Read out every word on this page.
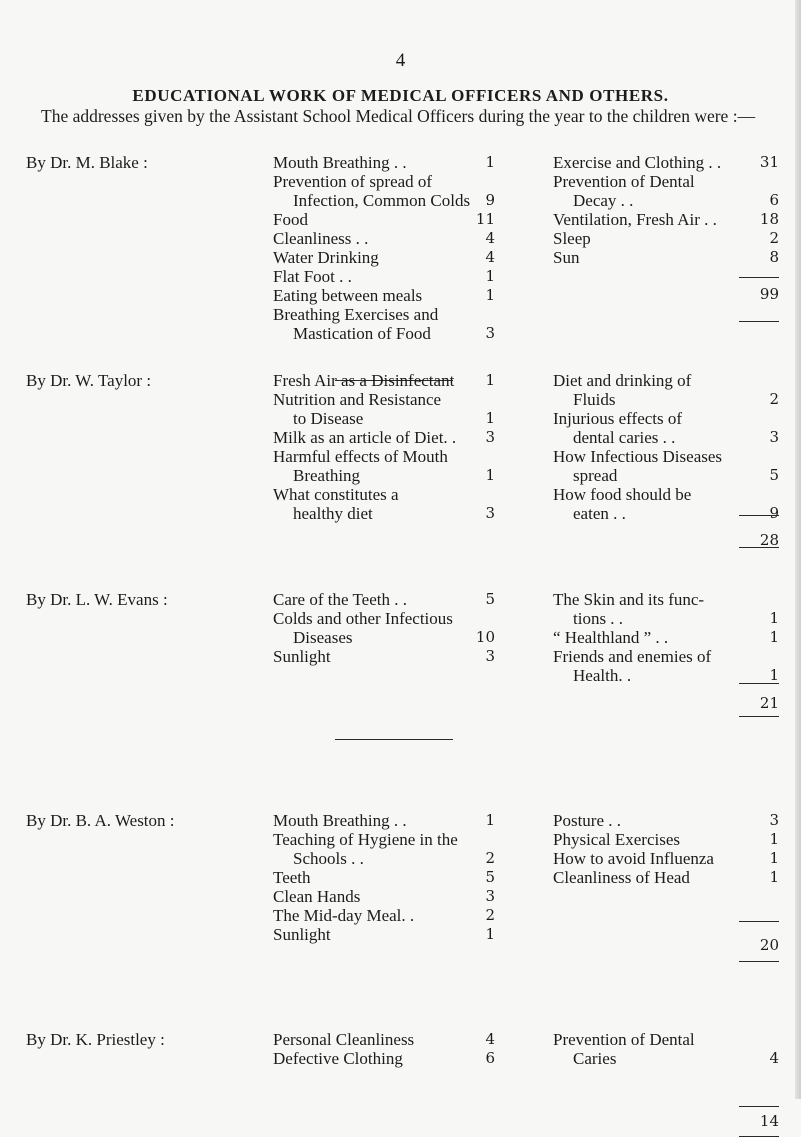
4
EDUCATIONAL WORK OF MEDICAL OFFICERS AND OTHERS.
The addresses given by the Assistant School Medical Officers during the year to the children were :—
By Dr. M. Blake :	Mouth Breathing . .	1
Prevention of spread of
Infection, Common Colds	9
Food	11
Cleanliness . .	4
Water Drinking	4
Flat Foot . .	1
Eating between meals	1
Breathing Exercises and
Mastication of Food	3
Exercise and Clothing . .	31
Prevention of Dental
Decay . .	6
Ventilation, Fresh Air . .	18
Sleep	2
Sun	8
99
By Dr. W. Taylor :	Fresh Air as a Disinfectant	1
Nutrition and Resistance
to Disease	1
Milk as an article of Diet. .	3
Harmful effects of Mouth
Breathing	1
What constitutes a
healthy diet	3
Diet and drinking of
Fluids	2
Injurious effects of
dental caries . .	3
How Infectious Diseases
spread	5
How food should be
eaten . .	9
28
By Dr. L. W. Evans :	Care of the Teeth . .	5
Colds and other Infectious
Diseases	10
Sunlight	3
The Skin and its func-
tions . .	1
“ Healthland ” . .	1
Friends and enemies of
Health. .	1
21
By Dr. B. A. Weston :	Mouth Breathing . .	1
Teaching of Hygiene in the
Schools . .	2
Teeth	5
Clean Hands	3
The Mid-day Meal. .	2
Sunlight	1
Posture . .	3
Physical Exercises	1
How to avoid Influenza	1
Cleanliness of Head	1
20
By Dr. K. Priestley :	Personal Cleanliness	4
Defective Clothing	6
Prevention of Dental
Caries	4
14
